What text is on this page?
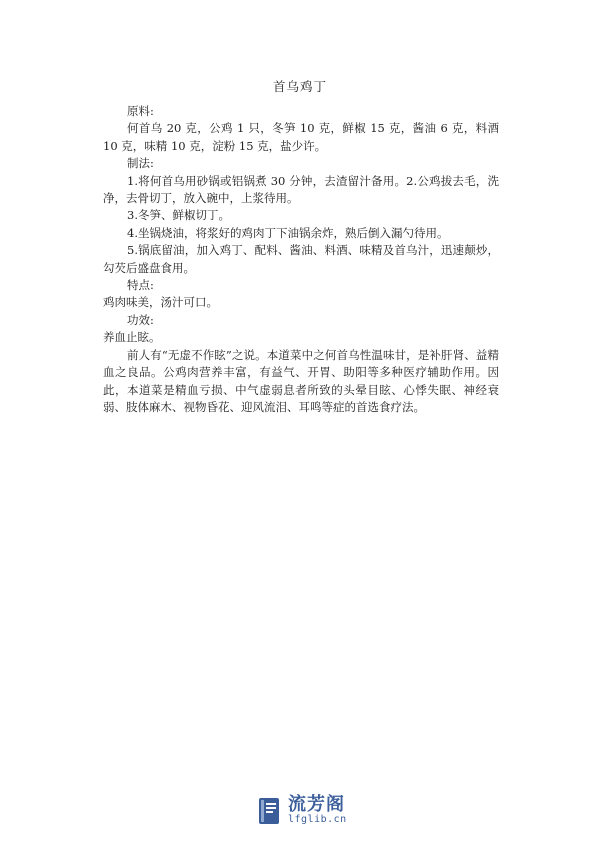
首乌鸡丁

原料:

何首乌 20 克，公鸡 1 只，冬笋 10 克，鲜椒 15 克，酱油 6 克，料酒 10 克，味精 10 克，淀粉 15 克，盐少许。

制法:

1.将何首乌用砂锅或铝锅煮 30 分钟，去渣留汁备用。2.公鸡拔去毛，洗净，去骨切丁，放入碗中，上浆待用。

3.冬笋、鲜椒切丁。

4.坐锅烧油，将浆好的鸡肉丁下油锅余炸，熟后倒入漏勺待用。

5.锅底留油，加入鸡丁、配料、酱油、料酒、味精及首乌汁，迅速颠炒，勾芡后盛盘食用。

特点:

鸡肉味美，汤汁可口。

功效:

养血止眩。

前人有“无虚不作眩”之说。本道菜中之何首乌性温味甘，是补肝肾、益精血之良品。公鸡肉营养丰富，有益气、开胃、助阳等多种医疗辅助作用。因此，本道菜是精血亏损、中气虚弱息者所致的头晕目眩、心悸失眠、神经衰弱、肢体麻木、视物昏花、迎风流泪、耳鸣等症的首选食疗法。

流芳阁
lfglib.cn
